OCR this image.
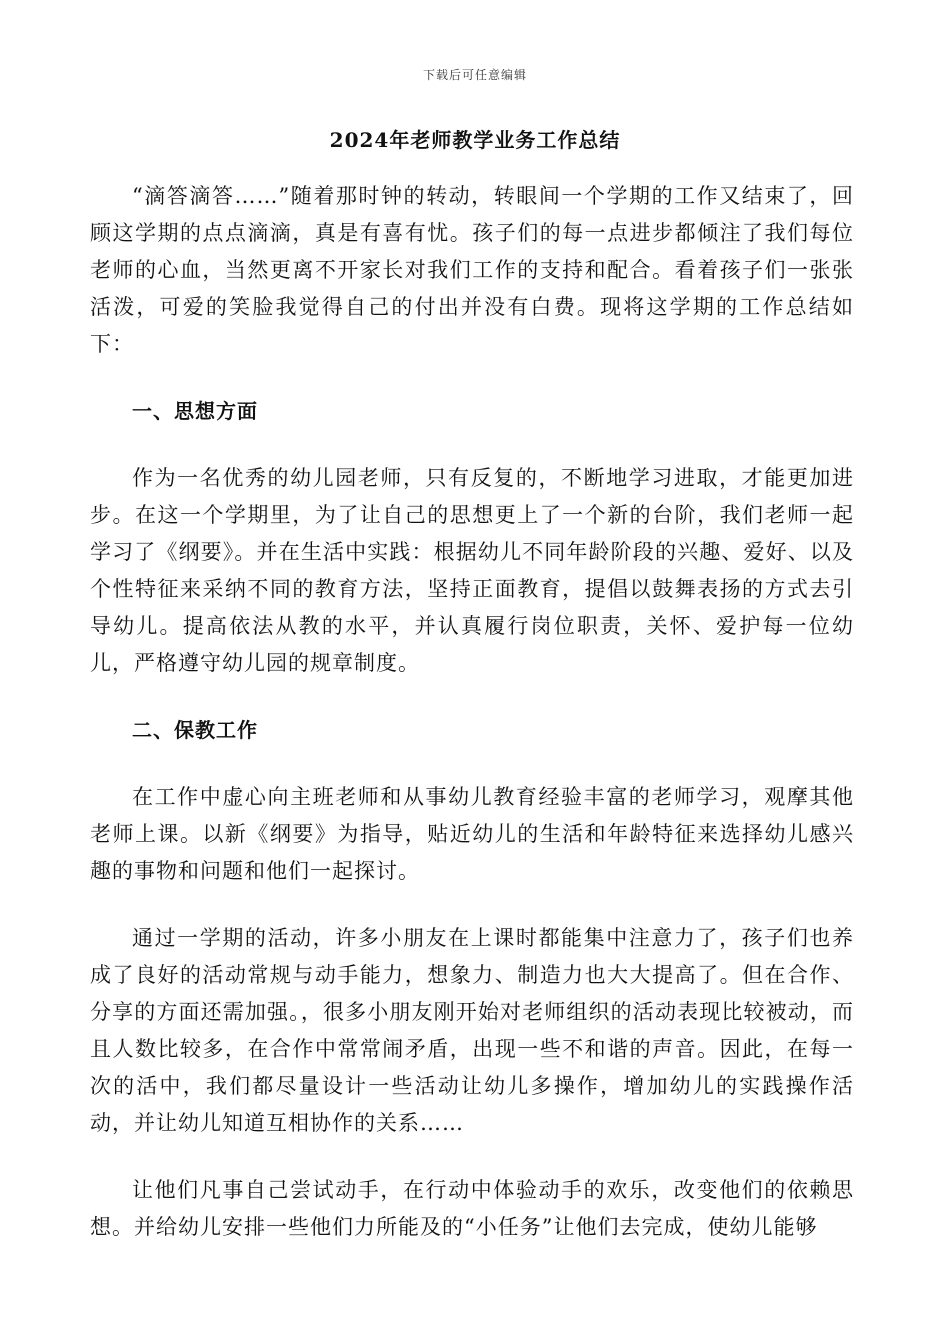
下载后可任意编辑
2024年老师教学业务工作总结

“滴答滴答……”随着那时钟的转动，转眼间一个学期的工作又结束了，回顾这学期的点点滴滴，真是有喜有忧。孩子们的每一点进步都倾注了我们每位老师的心血，当然更离不开家长对我们工作的支持和配合。看着孩子们一张张活泼，可爱的笑脸我觉得自己的付出并没有白费。现将这学期的工作总结如下：

一、思想方面

作为一名优秀的幼儿园老师，只有反复的，不断地学习进取，才能更加进步。在这一个学期里，为了让自己的思想更上了一个新的台阶，我们老师一起学习了《纲要》。并在生活中实践：根据幼儿不同年龄阶段的兴趣、爱好、以及个性特征来采纳不同的教育方法，坚持正面教育，提倡以鼓舞表扬的方式去引导幼儿。提高依法从教的水平，并认真履行岗位职责，关怀、爱护每一位幼儿，严格遵守幼儿园的规章制度。

二、保教工作

在工作中虚心向主班老师和从事幼儿教育经验丰富的老师学习，观摩其他老师上课。以新《纲要》为指导，贴近幼儿的生活和年龄特征来选择幼儿感兴趣的事物和问题和他们一起探讨。

通过一学期的活动，许多小朋友在上课时都能集中注意力了，孩子们也养成了良好的活动常规与动手能力，想象力、制造力也大大提高了。但在合作、分享的方面还需加强。，很多小朋友刚开始对老师组织的活动表现比较被动，而且人数比较多，在合作中常常闹矛盾，出现一些不和谐的声音。因此，在每一次的活中，我们都尽量设计一些活动让幼儿多操作，增加幼儿的实践操作活动，并让幼儿知道互相协作的关系……

让他们凡事自己尝试动手，在行动中体验动手的欢乐，改变他们的依赖思想。并给幼儿安排一些他们力所能及的“小任务”让他们去完成，使幼儿能够
